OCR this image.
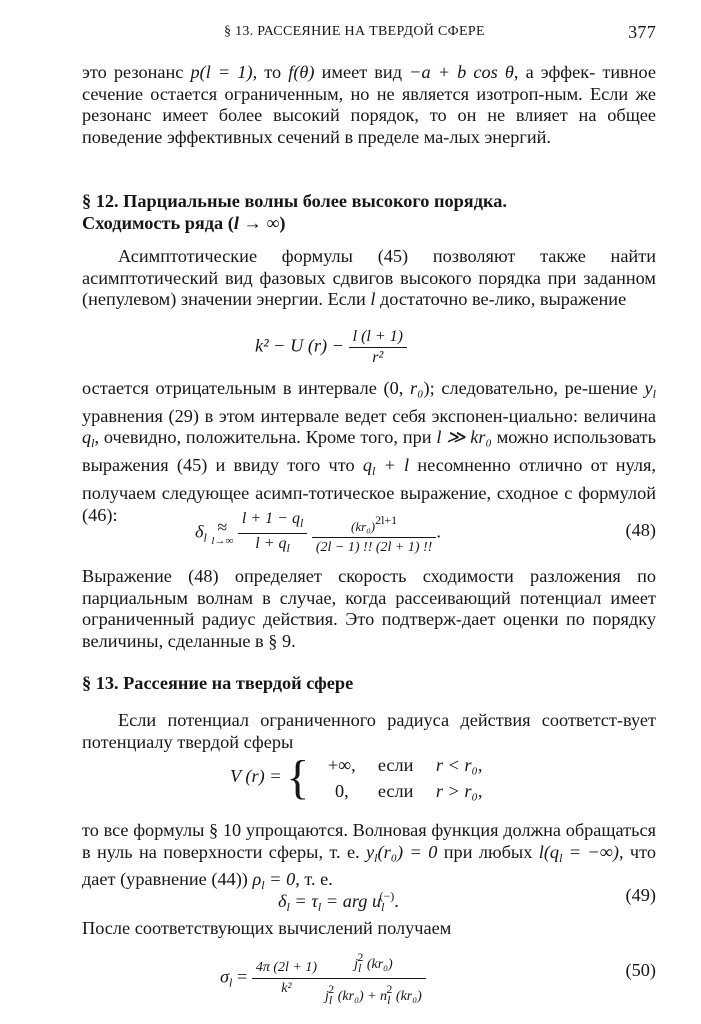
§ 13. РАССЕЯНИЕ НА ТВЕРДОЙ СФЕРЕ	377
это резонанс p(l = 1), то f(θ) имеет вид −a + b cos θ, а эффек- тивное сечение остается ограниченным, но не является изотроп-ным. Если же резонанс имеет более высокий порядок, то он не влияет на общее поведение эффективных сечений в пределе ма-лых энергий.
§ 12. Парциальные волны более высокого порядка.
Сходимость ряда (l → ∞)
Асимптотические формулы (45) позволяют также найти асимптотический вид фазовых сдвигов высокого порядка при заданном (непулевом) значении энергии. Если l достаточно ве-лико, выражение
k² − U $(r) - \frac{l (l + 1)}{\text{r²}}$
остается отрицательным в интервале (0, r₀); следовательно, ре-шение $y_l$ уравнения (29) в этом интервале ведет себя экспонен-циально: величина $q_l$, очевидно, положительна. Кроме того, при l ≫ kr₀ можно использовать выражения (45) и ввиду того что $q_l + l$ несомненно отлично от нуля, получаем следующее асимп-тотическое выражение, сходное с формулой (46):
$\delta_l$
≈
l→∞
$\frac{l + 1 - q_l}{l + q_l}$
$\frac{\text{(kr₀)2l+1}}{(2l - 1) !! (2l + 1) !!}$ .	(48)
Выражение (48) определяет скорость сходимости разложения по парциальным волнам в случае, когда рассеивающий потенциал имеет ограниченный радиус действия. Это подтверж-дает оценки по порядку величины, сделанные в § 9.
§ 13. Рассеяние на твердой сфере
Если потенциал ограниченного радиуса действия соответст-вует потенциалу твердой сферы
V (r) = {	+∞, если r < r₀,
0, если r > r₀,
то все формулы § 10 упрощаются. Волновая функция должна обращаться в нуль на поверхности сферы, т. е. $y_l(r_0) = 0$ при любых $l(q_l$ = −∞), что дает (уравнение (44)) $\rho_l = 0$, т. е.
$\delta_l = \tau_l$ = arg $u_l^{(-)}$.	(49)
После соответствующих вычислений получаем
$\sigma_l = \frac{4\pi (2l + 1)}{\text{k²}} \frac{\text{jl2 (kr₀)}}{\text{jl2 (kr₀) + nl2 (kr₀)}}$	(50)
